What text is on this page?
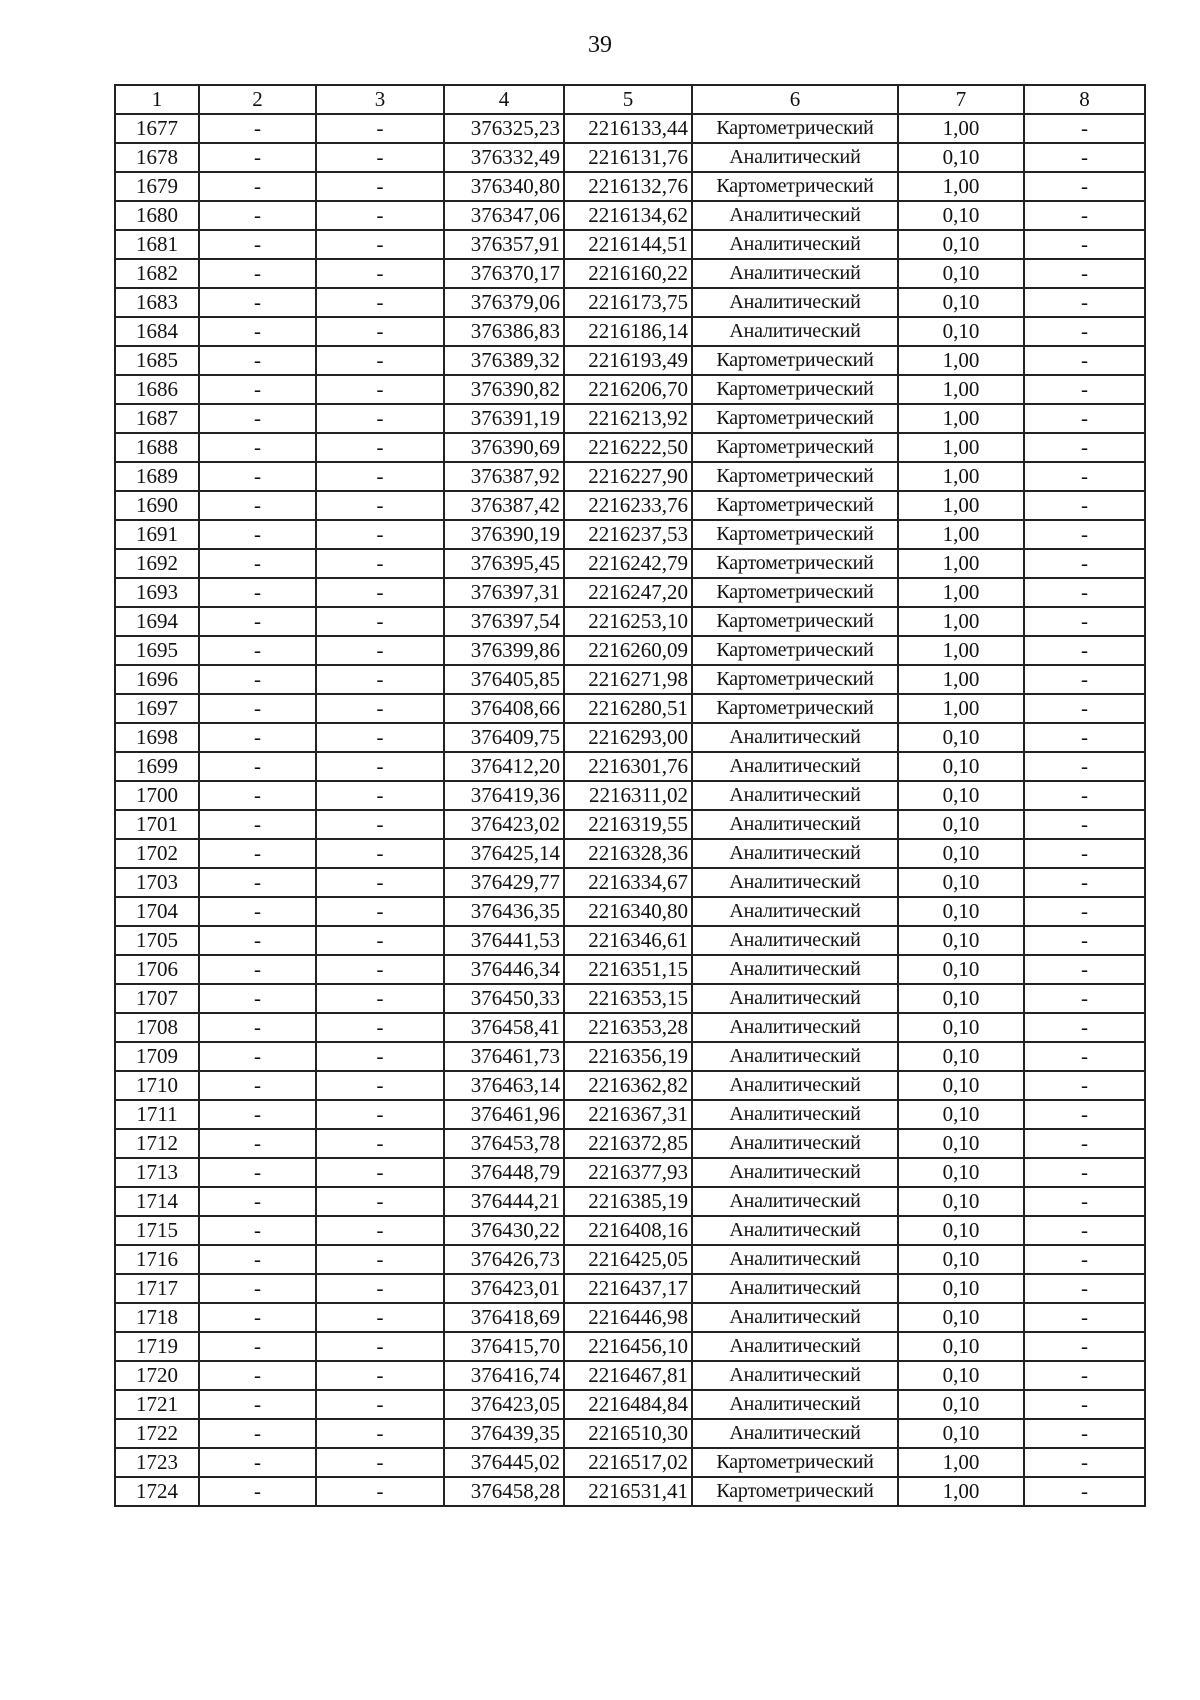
39
1	2	3	4	5	6	7	8
1677	-	-	376325,23	2216133,44	Картометрический	1,00	-
1678	-	-	376332,49	2216131,76	Аналитический	0,10	-
1679	-	-	376340,80	2216132,76	Картометрический	1,00	-
1680	-	-	376347,06	2216134,62	Аналитический	0,10	-
1681	-	-	376357,91	2216144,51	Аналитический	0,10	-
1682	-	-	376370,17	2216160,22	Аналитический	0,10	-
1683	-	-	376379,06	2216173,75	Аналитический	0,10	-
1684	-	-	376386,83	2216186,14	Аналитический	0,10	-
1685	-	-	376389,32	2216193,49	Картометрический	1,00	-
1686	-	-	376390,82	2216206,70	Картометрический	1,00	-
1687	-	-	376391,19	2216213,92	Картометрический	1,00	-
1688	-	-	376390,69	2216222,50	Картометрический	1,00	-
1689	-	-	376387,92	2216227,90	Картометрический	1,00	-
1690	-	-	376387,42	2216233,76	Картометрический	1,00	-
1691	-	-	376390,19	2216237,53	Картометрический	1,00	-
1692	-	-	376395,45	2216242,79	Картометрический	1,00	-
1693	-	-	376397,31	2216247,20	Картометрический	1,00	-
1694	-	-	376397,54	2216253,10	Картометрический	1,00	-
1695	-	-	376399,86	2216260,09	Картометрический	1,00	-
1696	-	-	376405,85	2216271,98	Картометрический	1,00	-
1697	-	-	376408,66	2216280,51	Картометрический	1,00	-
1698	-	-	376409,75	2216293,00	Аналитический	0,10	-
1699	-	-	376412,20	2216301,76	Аналитический	0,10	-
1700	-	-	376419,36	2216311,02	Аналитический	0,10	-
1701	-	-	376423,02	2216319,55	Аналитический	0,10	-
1702	-	-	376425,14	2216328,36	Аналитический	0,10	-
1703	-	-	376429,77	2216334,67	Аналитический	0,10	-
1704	-	-	376436,35	2216340,80	Аналитический	0,10	-
1705	-	-	376441,53	2216346,61	Аналитический	0,10	-
1706	-	-	376446,34	2216351,15	Аналитический	0,10	-
1707	-	-	376450,33	2216353,15	Аналитический	0,10	-
1708	-	-	376458,41	2216353,28	Аналитический	0,10	-
1709	-	-	376461,73	2216356,19	Аналитический	0,10	-
1710	-	-	376463,14	2216362,82	Аналитический	0,10	-
1711	-	-	376461,96	2216367,31	Аналитический	0,10	-
1712	-	-	376453,78	2216372,85	Аналитический	0,10	-
1713	-	-	376448,79	2216377,93	Аналитический	0,10	-
1714	-	-	376444,21	2216385,19	Аналитический	0,10	-
1715	-	-	376430,22	2216408,16	Аналитический	0,10	-
1716	-	-	376426,73	2216425,05	Аналитический	0,10	-
1717	-	-	376423,01	2216437,17	Аналитический	0,10	-
1718	-	-	376418,69	2216446,98	Аналитический	0,10	-
1719	-	-	376415,70	2216456,10	Аналитический	0,10	-
1720	-	-	376416,74	2216467,81	Аналитический	0,10	-
1721	-	-	376423,05	2216484,84	Аналитический	0,10	-
1722	-	-	376439,35	2216510,30	Аналитический	0,10	-
1723	-	-	376445,02	2216517,02	Картометрический	1,00	-
1724	-	-	376458,28	2216531,41	Картометрический	1,00	-
